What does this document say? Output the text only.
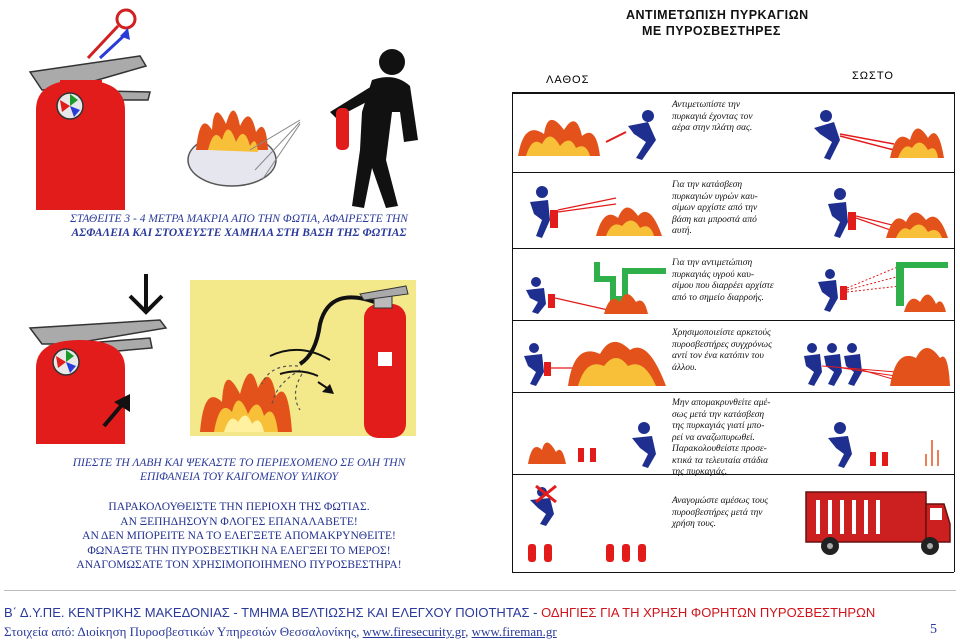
ΣΤΑΘΕΙΤΕ 3 - 4 ΜΕΤΡΑ ΜΑΚΡΙΑ ΑΠΟ ΤΗΝ ΦΩΤΙΑ, ΑΦΑΙΡΕΣΤΕ ΤΗΝ
ΑΣΦΑΛΕΙΑ ΚΑΙ ΣΤΟΧΕΥΣΤΕ ΧΑΜΗΛΑ ΣΤΗ ΒΑΣΗ ΤΗΣ ΦΩΤΙΑΣ
ΠΙΕΣΤΕ ΤΗ ΛΑΒΗ ΚΑΙ ΨΕΚΑΣΤΕ ΤΟ ΠΕΡΙΕΧΟΜΕΝΟ ΣΕ ΟΛΗ ΤΗΝ
ΕΠΙΦΑΝΕΙΑ ΤΟΥ ΚΑΙΓΟΜΕΝΟΥ ΥΛΙΚΟΥ
ΠΑΡΑΚΟΛΟΥΘΕΙΣΤΕ ΤΗΝ ΠΕΡΙΟΧΗ ΤΗΣ ΦΩΤΙΑΣ.
ΑΝ ΞΕΠΗΔΗΣΟΥΝ ΦΛΟΓΕΣ ΕΠΑΝΑΛΑΒΕΤΕ!
ΑΝ ΔΕΝ ΜΠΟΡΕΙΤΕ ΝΑ ΤΟ ΕΛΕΓΞΕΤΕ ΑΠΟΜΑΚΡΥΝΘΕΙΤΕ!
ΦΩΝΑΞΤΕ ΤΗΝ ΠΥΡΟΣΒΕΣΤΙΚΗ ΝΑ ΕΛΕΓΞΕΙ ΤΟ ΜΕΡΟΣ!
ΑΝΑΓΟΜΩΣΑΤΕ ΤΟΝ ΧΡΗΣΙΜΟΠΟΙΗΜΕΝΟ ΠΥΡΟΣΒΕΣΤΗΡΑ!
ΑΝΤΙΜΕΤΩΠΙΣΗ ΠΥΡΚΑΓΙΩΝ
ΜΕ ΠΥΡΟΣΒΕΣΤΗΡΕΣ
ΛΑΘΟΣ	ΣΩΣΤΟ
Αντιμετωπίστε την
πυρκαγιά έχοντας τον
αέρα στην πλάτη σας.
Για την κατάσβεση
πυρκαγιών υγρών καυ-
σίμων αρχίστε από την
βάση και μπροστά από
αυτή.
Για την αντιμετώπιση
πυρκαγιάς υγρού καυ-
σίμου που διαρρέει αρχίστε
από το σημείο διαρροής.
Χρησιμοποιείστε αρκετούς
πυροσβεστήρες συγχρόνως
αντί τον ένα κατόπιν του
άλλου.
Μην απομακρυνθείτε αμέ-
σως μετά την κατάσβεση
της πυρκαγιάς γιατί μπο-
ρεί να αναζωπυρωθεί.
Παρακολουθείστε προσε-
κτικά τα τελευταία στάδια
της πυρκαγιάς.
Αναγομώστε αμέσως τους
πυροσβεστήρες μετά την
χρήση τους.
Β΄ Δ.Υ.ΠΕ. ΚΕΝΤΡΙΚΗΣ ΜΑΚΕΔΟΝΙΑΣ - ΤΜΗΜΑ ΒΕΛΤΙΩΣΗΣ ΚΑΙ ΕΛΕΓΧΟΥ ΠΟΙΟΤΗΤΑΣ - ΟΔΗΓΙΕΣ ΓΙΑ ΤΗ ΧΡΗΣΗ ΦΟΡΗΤΩΝ ΠΥΡΟΣΒΕΣΤΗΡΩΝ
Στοιχεία από: Διοίκηση Πυροσβεστικών Υπηρεσιών Θεσσαλονίκης, www.firesecurity.gr, www.fireman.gr	5
